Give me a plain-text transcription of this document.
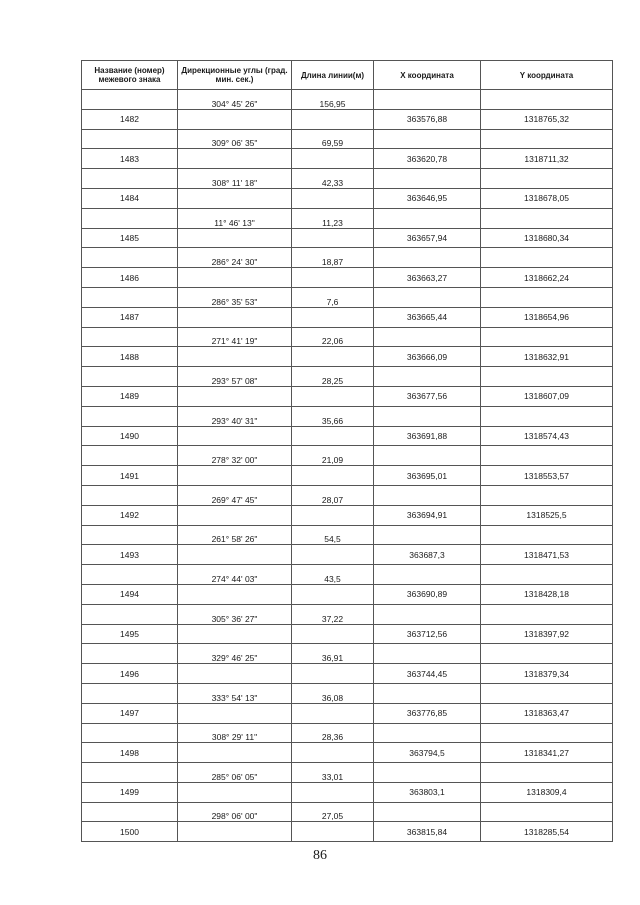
Название (номер) межевого знака	Дирекционные углы (град. мин. сек.)	Длина линии(м)	X координата	Y координата
	304° 45' 26"	156,95		
1482			363576,88	1318765,32
	309° 06' 35"	69,59		
1483			363620,78	1318711,32
	308° 11' 18"	42,33		
1484			363646,95	1318678,05
	11° 46' 13"	11,23		
1485			363657,94	1318680,34
	286° 24' 30"	18,87		
1486			363663,27	1318662,24
	286° 35' 53"	7,6		
1487			363665,44	1318654,96
	271° 41' 19"	22,06		
1488			363666,09	1318632,91
	293° 57' 08"	28,25		
1489			363677,56	1318607,09
	293° 40' 31"	35,66		
1490			363691,88	1318574,43
	278° 32' 00"	21,09		
1491			363695,01	1318553,57
	269° 47' 45"	28,07		
1492			363694,91	1318525,5
	261° 58' 26"	54,5		
1493			363687,3	1318471,53
	274° 44' 03"	43,5		
1494			363690,89	1318428,18
	305° 36' 27"	37,22		
1495			363712,56	1318397,92
	329° 46' 25"	36,91		
1496			363744,45	1318379,34
	333° 54' 13"	36,08		
1497			363776,85	1318363,47
	308° 29' 11"	28,36		
1498			363794,5	1318341,27
	285° 06' 05"	33,01		
1499			363803,1	1318309,4
	298° 06' 00"	27,05		
1500			363815,84	1318285,54
86
